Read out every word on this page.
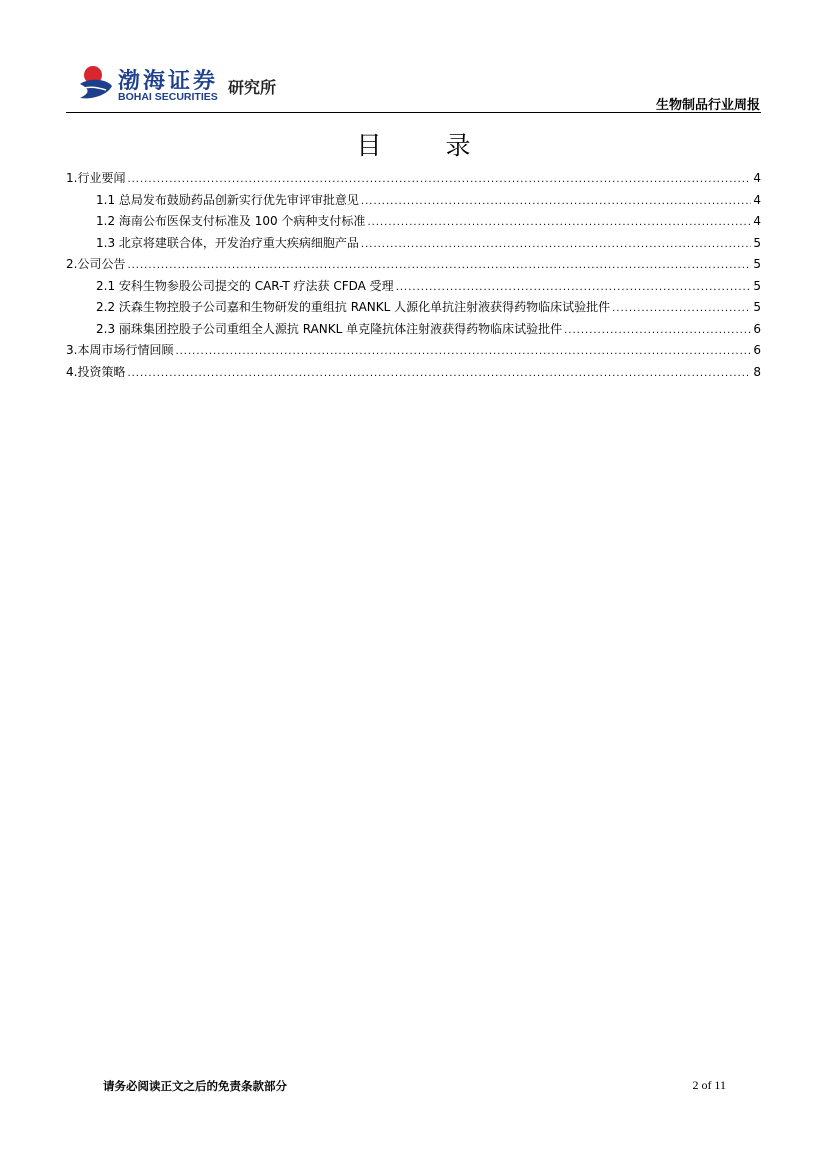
渤海证券
BOHAI SECURITIES 研究所
生物制品行业周报
目 录
1.行业要闻 .....	4
1.1 总局发布鼓励药品创新实行优先审评审批意见 .....	4
1.2 海南公布医保支付标准及 100 个病种支付标准 .....	4
1.3 北京将建联合体，开发治疗重大疾病细胞产品 .....	5
2.公司公告 .....	5
2.1 安科生物参股公司提交的 CAR-T 疗法获 CFDA 受理 .....	5
2.2 沃森生物控股子公司嘉和生物研发的重组抗 RANKL 人源化单抗注射液获得药物临床试验批件 .....	5
2.3 丽珠集团控股子公司重组全人源抗 RANKL 单克隆抗体注射液获得药物临床试验批件 .....	6
3.本周市场行情回顾 .....	6
4.投资策略 .....	8
请务必阅读正文之后的免责条款部分	2 of 11
